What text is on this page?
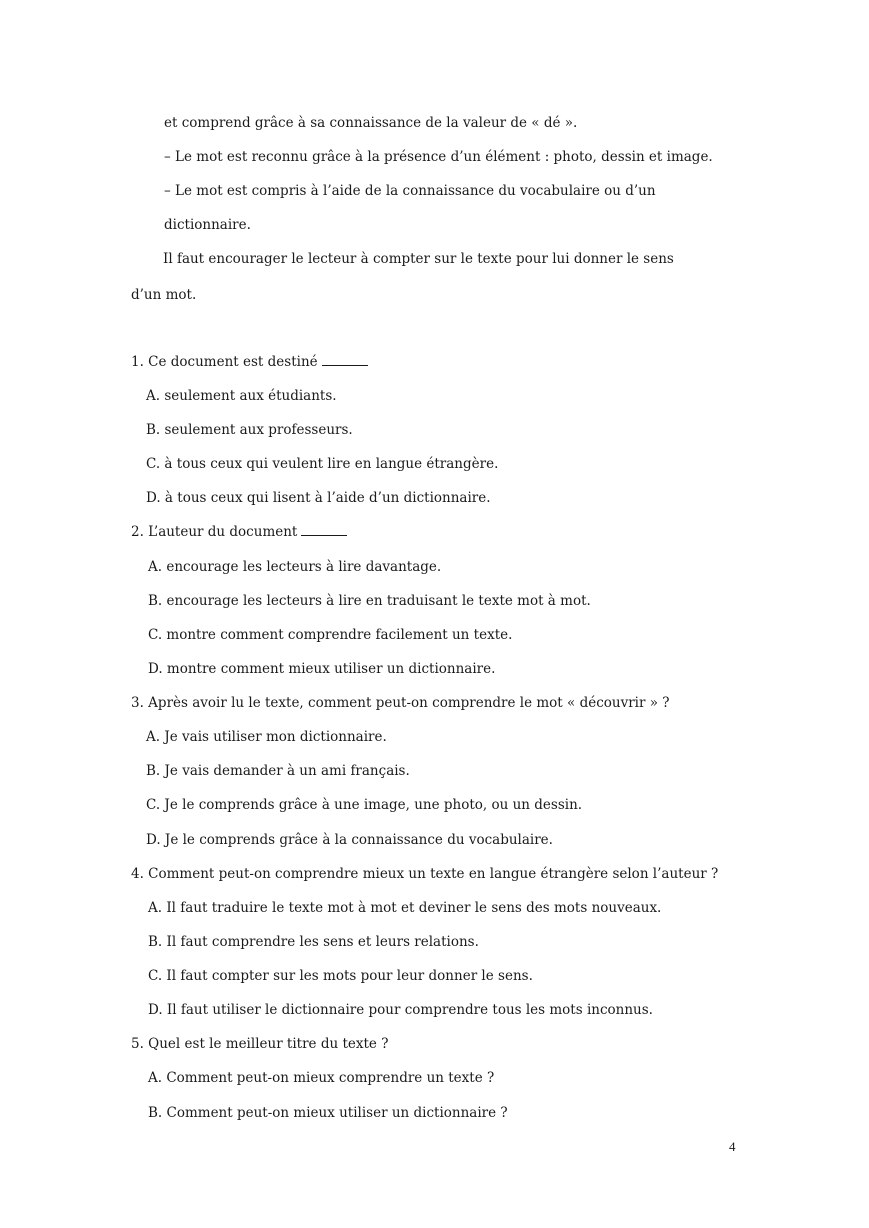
et comprend grâce à sa connaissance de la valeur de « dé ».
– Le mot est reconnu grâce à la présence d’un élément : photo, dessin et image.
– Le mot est compris à l’aide de la connaissance du vocabulaire ou d’un
dictionnaire.
Il faut encourager le lecteur à compter sur le texte pour lui donner le sens
d’un mot.
1. Ce document est destiné
A. seulement aux étudiants.
B. seulement aux professeurs.
C. à tous ceux qui veulent lire en langue étrangère.
D. à tous ceux qui lisent à l’aide d’un dictionnaire.
2. L’auteur du document
A. encourage les lecteurs à lire davantage.
B. encourage les lecteurs à lire en traduisant le texte mot à mot.
C. montre comment comprendre facilement un texte.
D. montre comment mieux utiliser un dictionnaire.
3. Après avoir lu le texte, comment peut-on comprendre le mot « découvrir » ?
A. Je vais utiliser mon dictionnaire.
B. Je vais demander à un ami français.
C. Je le comprends grâce à une image, une photo, ou un dessin.
D. Je le comprends grâce à la connaissance du vocabulaire.
4. Comment peut-on comprendre mieux un texte en langue étrangère selon l’auteur ?
A. Il faut traduire le texte mot à mot et deviner le sens des mots nouveaux.
B. Il faut comprendre les sens et leurs relations.
C. Il faut compter sur les mots pour leur donner le sens.
D. Il faut utiliser le dictionnaire pour comprendre tous les mots inconnus.
5. Quel est le meilleur titre du texte ?
A. Comment peut-on mieux comprendre un texte ?
B. Comment peut-on mieux utiliser un dictionnaire ?
4
